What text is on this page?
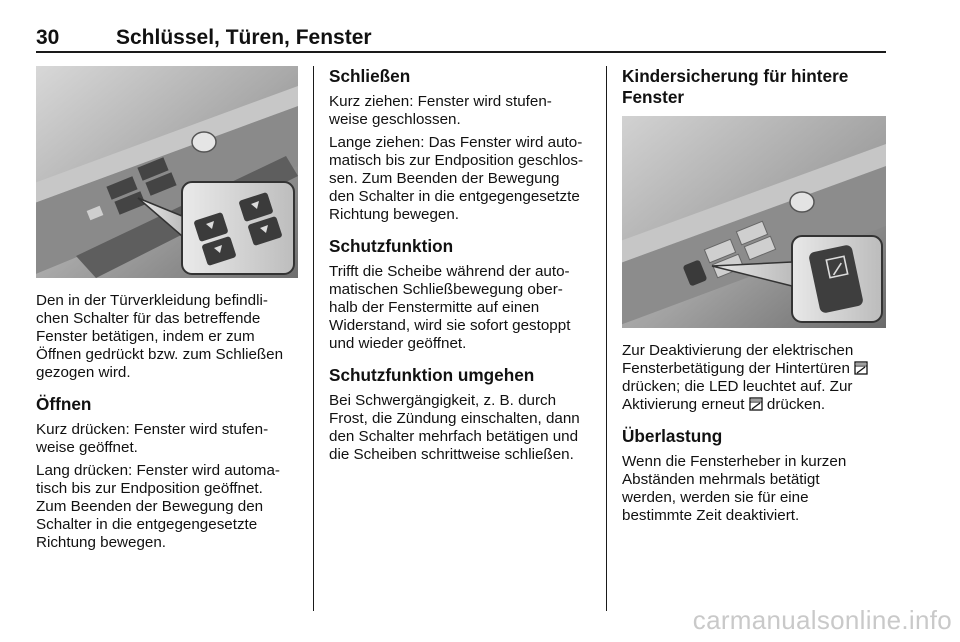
30	Schlüssel, Türen, Fenster

Den in der Türverkleidung befindli-
chen Schalter für das betreffende
Fenster betätigen, indem er zum
Öffnen gedrückt bzw. zum Schließen
gezogen wird.

Öffnen

Kurz drücken: Fenster wird stufen-
weise geöffnet.

Lang drücken: Fenster wird automa-
tisch bis zur Endposition geöffnet.
Zum Beenden der Bewegung den
Schalter in die entgegengesetzte
Richtung bewegen.

Schließen

Kurz ziehen: Fenster wird stufen-
weise geschlossen.

Lange ziehen: Das Fenster wird auto-
matisch bis zur Endposition geschlos-
sen. Zum Beenden der Bewegung
den Schalter in die entgegengesetzte
Richtung bewegen.

Schutzfunktion

Trifft die Scheibe während der auto-
matischen Schließbewegung ober-
halb der Fenstermitte auf einen
Widerstand, wird sie sofort gestoppt
und wieder geöffnet.

Schutzfunktion umgehen

Bei Schwergängigkeit, z. B. durch
Frost, die Zündung einschalten, dann
den Schalter mehrfach betätigen und
die Scheiben schrittweise schließen.

Kindersicherung für hintere
Fenster

Zur Deaktivierung der elektrischen
Fensterbetätigung der Hintertüren
drücken; die LED leuchtet auf. Zur
Aktivierung erneut drücken.

Überlastung

Wenn die Fensterheber in kurzen
Abständen mehrmals betätigt
werden, werden sie für eine
bestimmte Zeit deaktiviert.

carmanualsonline.info
